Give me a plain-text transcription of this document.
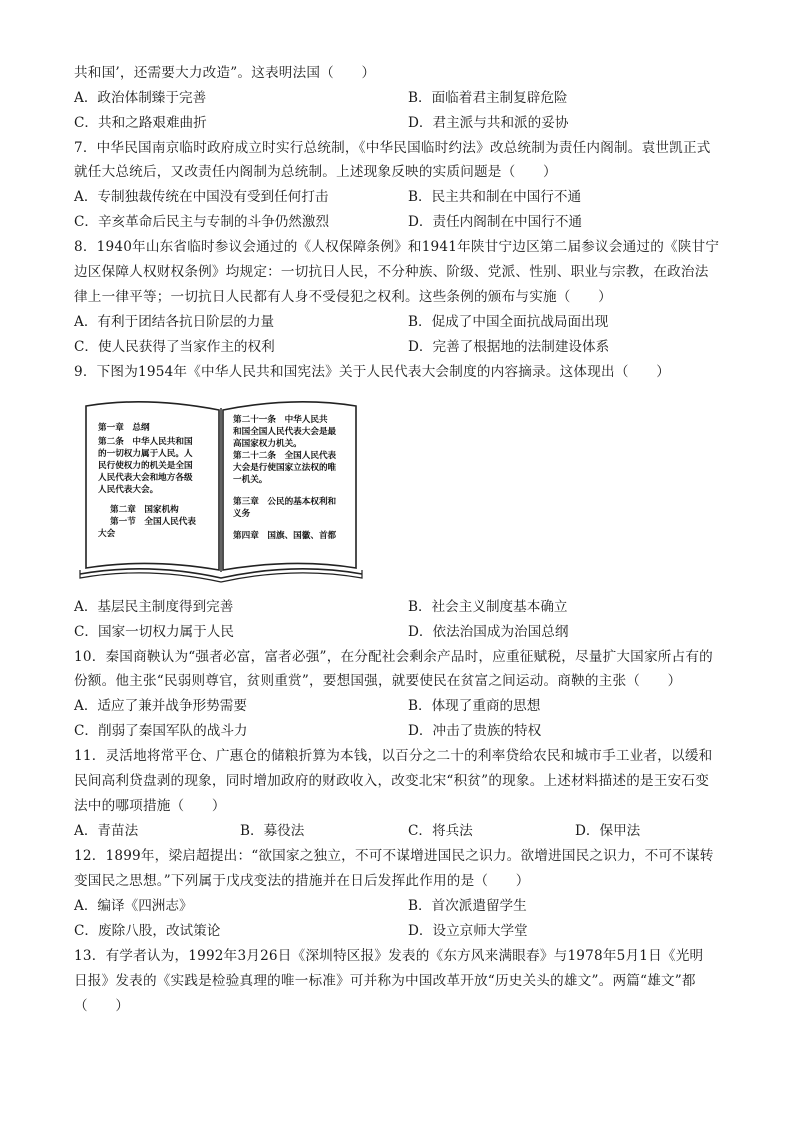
共和国’，还需要大力改造”。这表明法国（　　）
A．政治体制臻于完善	B．面临着君主制复辟危险
C．共和之路艰难曲折	D．君主派与共和派的妥协
7．中华民国南京临时政府成立时实行总统制，《中华民国临时约法》改总统制为责任内阁制。袁世凯正式
就任大总统后，又改责任内阁制为总统制。上述现象反映的实质问题是（　　）
A．专制独裁传统在中国没有受到任何打击	B．民主共和制在中国行不通
C．辛亥革命后民主与专制的斗争仍然激烈	D．责任内阁制在中国行不通
8．1940年山东省临时参议会通过的《人权保障条例》和1941年陕甘宁边区第二届参议会通过的《陕甘宁
边区保障人权财权条例》均规定：一切抗日人民，不分种族、阶级、党派、性别、职业与宗教，在政治法
律上一律平等；一切抗日人民都有人身不受侵犯之权利。这些条例的颁布与实施（　　）
A．有利于团结各抗日阶层的力量	B．促成了中国全面抗战局面出现
C．使人民获得了当家作主的权利	D．完善了根据地的法制建设体系
9．下图为1954年《中华人民共和国宪法》关于人民代表大会制度的内容摘录。这体现出（　　）
第一章　总纲
第二条　中华人民共和国
的一切权力属于人民。人
民行使权力的机关是全国
人民代表大会和地方各级
人民代表大会。
第二章　国家机构
第一节　全国人民代表
大会
第二十一条　中华人民共
和国全国人民代表大会是最
高国家权力机关。
第二十二条　全国人民代表
大会是行使国家立法权的唯
一机关。
第三章　公民的基本权利和
义务
第四章　国旗、国徽、首都
A．基层民主制度得到完善	B．社会主义制度基本确立
C．国家一切权力属于人民	D．依法治国成为治国总纲
10．秦国商鞅认为“强者必富，富者必强”，在分配社会剩余产品时，应重征赋税，尽量扩大国家所占有的
份额。他主张“民弱则尊官，贫则重赏”，要想国强，就要使民在贫富之间运动。商鞅的主张（　　）
A．适应了兼并战争形势需要	B．体现了重商的思想
C．削弱了秦国军队的战斗力	D．冲击了贵族的特权
11．灵活地将常平仓、广惠仓的储粮折算为本钱，以百分之二十的利率贷给农民和城市手工业者，以缓和
民间高利贷盘剥的现象，同时增加政府的财政收入，改变北宋“积贫”的现象。上述材料描述的是王安石变
法中的哪项措施（　　）
A．青苗法	B．募役法	C．将兵法	D．保甲法
12．1899年，梁启超提出：“欲国家之独立，不可不谋增进国民之识力。欲增进国民之识力，不可不谋转
变国民之思想。”下列属于戊戌变法的措施并在日后发挥此作用的是（　　）
A．编译《四洲志》	B．首次派遣留学生
C．废除八股，改试策论	D．设立京师大学堂
13．有学者认为，1992年3月26日《深圳特区报》发表的《东方风来满眼春》与1978年5月1日《光明
日报》发表的《实践是检验真理的唯一标准》可并称为中国改革开放“历史关头的雄文”。两篇“雄文”都
（　　）
